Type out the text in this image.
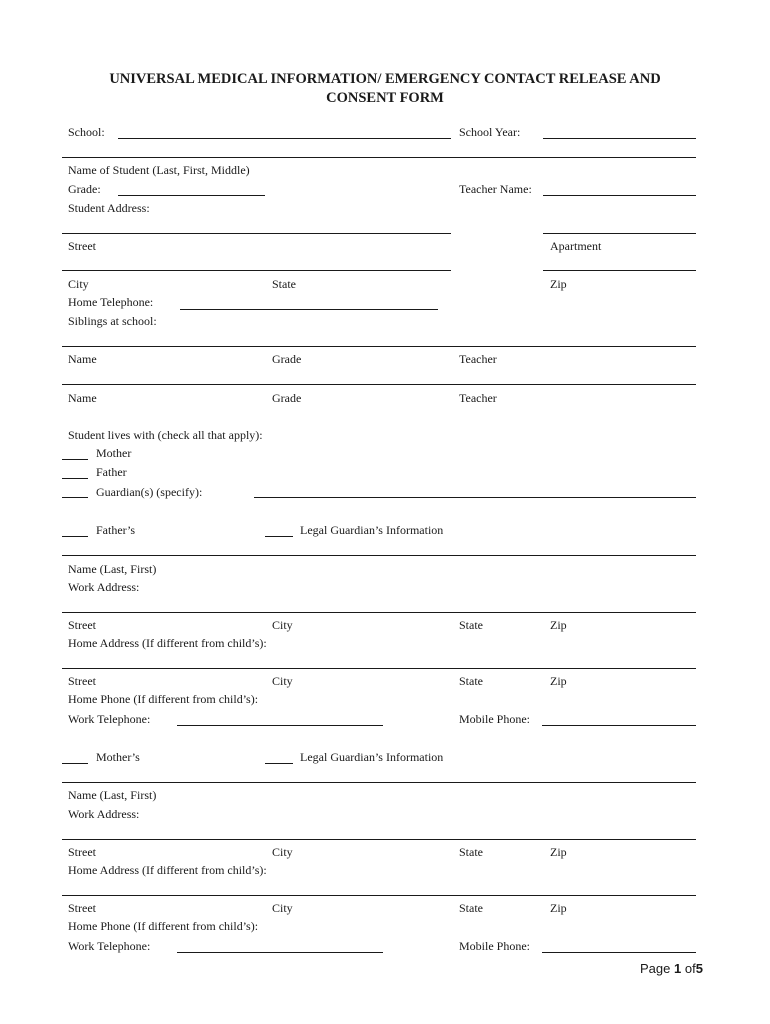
UNIVERSAL MEDICAL INFORMATION/ EMERGENCY CONTACT RELEASE AND
CONSENT FORM
School:	School Year:
Name of Student (Last, First, Middle)
Grade:	Teacher Name:
Student Address:
Street	Apartment
City	State	Zip
Home Telephone:
Siblings at school:
Name	Grade	Teacher
Name	Grade	Teacher
Student lives with (check all that apply):
Mother
Father
Guardian(s) (specify):
Father’s	Legal Guardian’s Information
Name (Last, First)
Work Address:
Street	City	State	Zip
Home Address (If different from child’s):
Street	City	State	Zip
Home Phone (If different from child’s):
Work Telephone:	Mobile Phone:
Mother’s	Legal Guardian’s Information
Name (Last, First)
Work Address:
Street	City	State	Zip
Home Address (If different from child’s):
Street	City	State	Zip
Home Phone (If different from child’s):
Work Telephone:	Mobile Phone:
Page 1 of5
